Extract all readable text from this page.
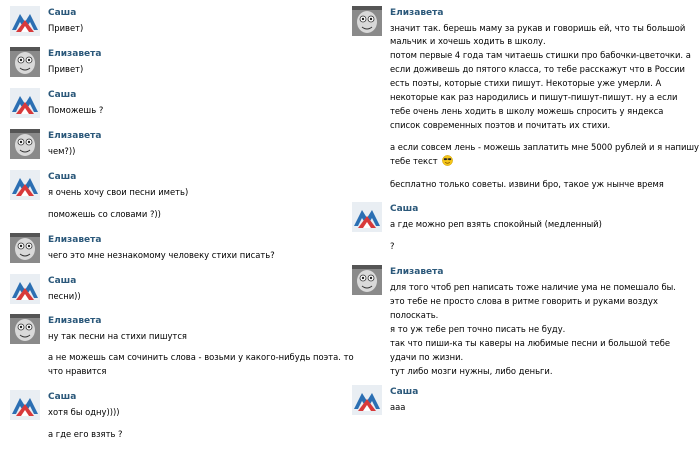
Саша
Привет)
Елизавета
Привет)
Саша
Поможешь ?
Елизавета
чем?))
Саша
я очень хочу свои песни иметь)
поможешь со словами ?))
Елизавета
чего это мне незнакомому человеку стихи писать?
Саша
песни))
Елизавета
ну так песни на стихи пишутся
а не можешь сам сочинить слова - возьми у какого-нибудь поэта. то
что нравится
Саша
хотя бы одну))))
а где его взять ?
Елизавета
значит так. берешь маму за рукав и говоришь ей, что ты большой
мальчик и хочешь ходить в школу.
потом первые 4 года там читаешь стишки про бабочки-цветочки. а
если доживешь до пятого класса, то тебе расскажут что в России
есть поэты, которые стихи пишут. Некоторые уже умерли. А
некоторые как раз народились и пишут-пишут-пишут. ну а если
тебе очень лень ходить в школу можешь спросить у яндекса
список современных поэтов и почитать их стихи.
а если совсем лень - можешь заплатить мне 5000 рублей и я напишу
тебе текст
бесплатно только советы. извини бро, такое уж нынче время
Саша
а где можно реп взять спокойный (медленный)
?
Елизавета
для того чтоб реп написать тоже наличие ума не помешало бы.
это тебе не просто слова в ритме говорить и руками воздух
полоскать.
я то уж тебе реп точно писать не буду.
так что пиши-ка ты каверы на любимые песни и большой тебе
удачи по жизни.
тут либо мозги нужны, либо деньги.
Саша
ааа
